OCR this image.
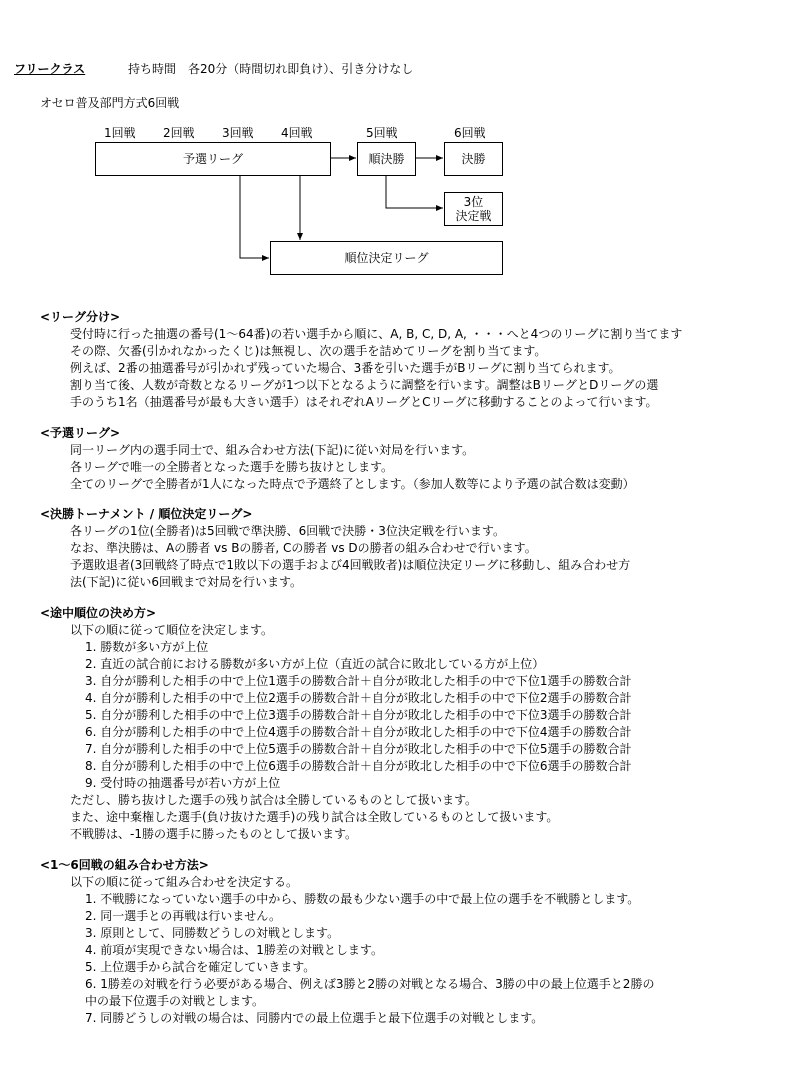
フリークラス	持ち時間　各20分（時間切れ即負け）、引き分けなし
オセロ普及部門方式6回戦
1回戦 2回戦 3回戦 4回戦	5回戦	6回戦
予選リーグ	順決勝	決勝
3位
決定戦
順位決定リーグ
<リーグ分け>
受付時に行った抽選の番号(1～64番)の若い選手から順に、A, B, C, D, A, ・・・へと4つのリーグに割り当てます
その際、欠番(引かれなかったくじ)は無視し、次の選手を詰めてリーグを割り当てます。
例えば、2番の抽選番号が引かれず残っていた場合、3番を引いた選手がBリーグに割り当てられます。
割り当て後、人数が奇数となるリーグが1つ以下となるように調整を行います。調整はBリーグとDリーグの選
手のうち1名（抽選番号が最も大きい選手）はそれぞれAリーグとCリーグに移動することのよって行います。
<予選リーグ>
同一リーグ内の選手同士で、組み合わせ方法(下記)に従い対局を行います。
各リーグで唯一の全勝者となった選手を勝ち抜けとします。
全てのリーグで全勝者が1人になった時点で予選終了とします。（参加人数等により予選の試合数は変動）
<決勝トーナメント / 順位決定リーグ>
各リーグの1位(全勝者)は5回戦で準決勝、6回戦で決勝・3位決定戦を行います。
なお、準決勝は、Aの勝者 vs Bの勝者, Cの勝者 vs Dの勝者の組み合わせで行います。
予選敗退者(3回戦終了時点で1敗以下の選手および4回戦敗者)は順位決定リーグに移動し、組み合わせ方
法(下記)に従い6回戦まで対局を行います。
<途中順位の決め方>
以下の順に従って順位を決定します。
1. 勝数が多い方が上位
2. 直近の試合前における勝数が多い方が上位（直近の試合に敗北している方が上位）
3. 自分が勝利した相手の中で上位1選手の勝数合計＋自分が敗北した相手の中で下位1選手の勝数合計
4. 自分が勝利した相手の中で上位2選手の勝数合計＋自分が敗北した相手の中で下位2選手の勝数合計
5. 自分が勝利した相手の中で上位3選手の勝数合計＋自分が敗北した相手の中で下位3選手の勝数合計
6. 自分が勝利した相手の中で上位4選手の勝数合計＋自分が敗北した相手の中で下位4選手の勝数合計
7. 自分が勝利した相手の中で上位5選手の勝数合計＋自分が敗北した相手の中で下位5選手の勝数合計
8. 自分が勝利した相手の中で上位6選手の勝数合計＋自分が敗北した相手の中で下位6選手の勝数合計
9. 受付時の抽選番号が若い方が上位
ただし、勝ち抜けした選手の残り試合は全勝しているものとして扱います。
また、途中棄権した選手(負け抜けた選手)の残り試合は全敗しているものとして扱います。
不戦勝は、-1勝の選手に勝ったものとして扱います。
<1～6回戦の組み合わせ方法>
以下の順に従って組み合わせを決定する。
1. 不戦勝になっていない選手の中から、勝数の最も少ない選手の中で最上位の選手を不戦勝とします。
2. 同一選手との再戦は行いません。
3. 原則として、同勝数どうしの対戦とします。
4. 前項が実現できない場合は、1勝差の対戦とします。
5. 上位選手から試合を確定していきます。
6. 1勝差の対戦を行う必要がある場合、例えば3勝と2勝の対戦となる場合、3勝の中の最上位選手と2勝の
中の最下位選手の対戦とします。
7. 同勝どうしの対戦の場合は、同勝内での最上位選手と最下位選手の対戦とします。
